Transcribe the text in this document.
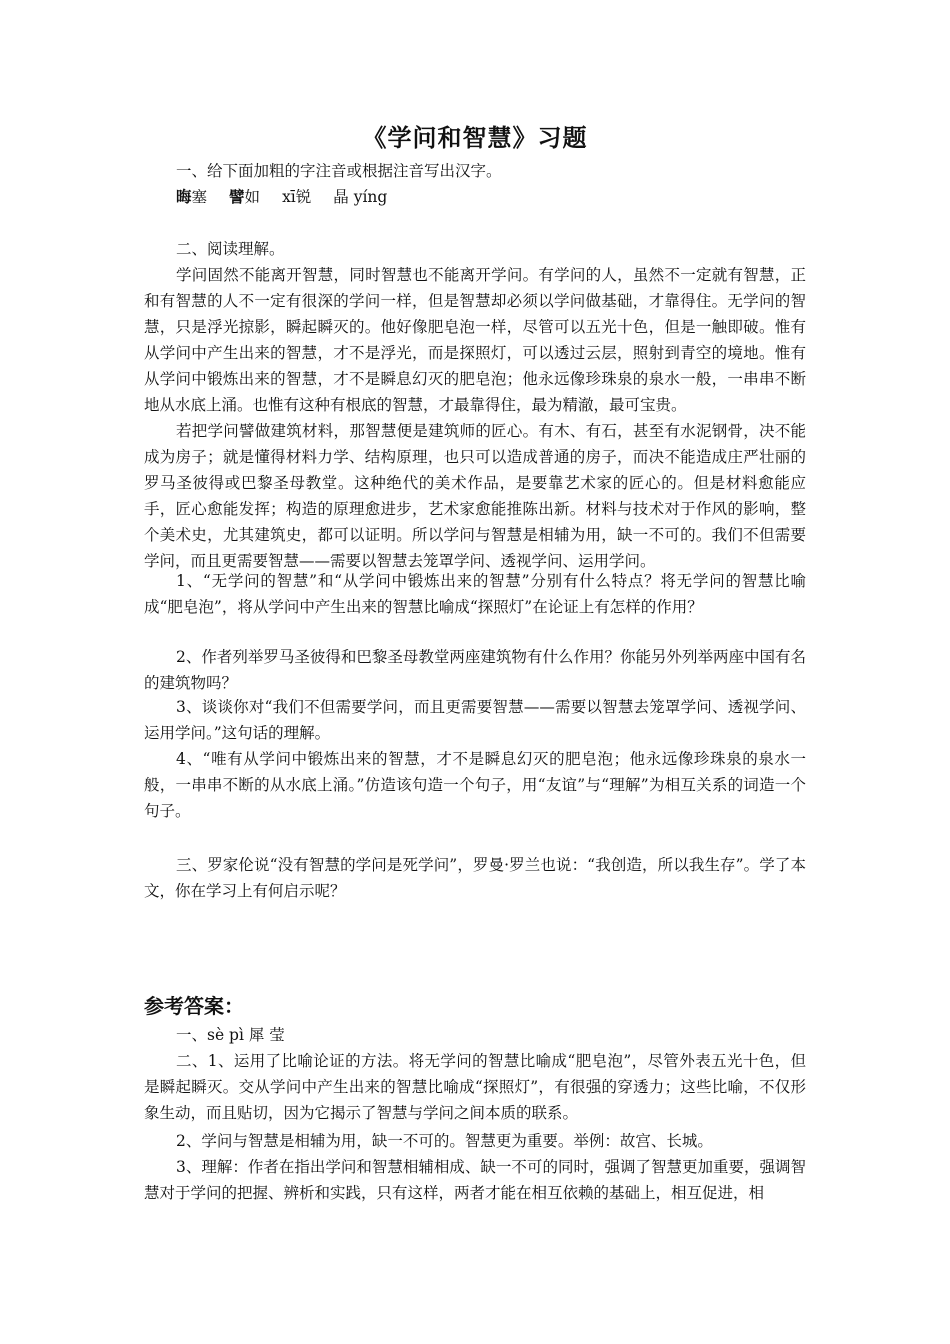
《学问和智慧》习题
一、给下面加粗的字注音或根据注音写出汉字。
晦塞 譬如 xī锐 晶 yíng
二、阅读理解。
学问固然不能离开智慧，同时智慧也不能离开学问。有学问的人，虽然不一定就有智慧，正和有智慧的人不一定有很深的学问一样，但是智慧却必须以学问做基础，才靠得住。无学问的智慧，只是浮光掠影，瞬起瞬灭的。他好像肥皂泡一样，尽管可以五光十色，但是一触即破。惟有从学问中产生出来的智慧，才不是浮光，而是探照灯，可以透过云层，照射到青空的境地。惟有从学问中锻炼出来的智慧，才不是瞬息幻灭的肥皂泡；他永远像珍珠泉的泉水一般，一串串不断地从水底上涌。也惟有这种有根底的智慧，才最靠得住，最为精澈，最可宝贵。
若把学问譬做建筑材料，那智慧便是建筑师的匠心。有木、有石，甚至有水泥钢骨，决不能成为房子；就是懂得材料力学、结构原理，也只可以造成普通的房子，而决不能造成庄严壮丽的罗马圣彼得或巴黎圣母教堂。这种绝代的美术作品，是要靠艺术家的匠心的。但是材料愈能应手，匠心愈能发挥；构造的原理愈进步，艺术家愈能推陈出新。材料与技术对于作风的影响，整个美术史，尤其建筑史，都可以证明。所以学问与智慧是相辅为用，缺一不可的。我们不但需要学问，而且更需要智慧——需要以智慧去笼罩学问、透视学问、运用学问。
1、“无学问的智慧”和“从学问中锻炼出来的智慧”分别有什么特点？将无学问的智慧比喻成“肥皂泡”，将从学问中产生出来的智慧比喻成“探照灯”在论证上有怎样的作用？
2、作者列举罗马圣彼得和巴黎圣母教堂两座建筑物有什么作用？你能另外列举两座中国有名的建筑物吗？
3、谈谈你对“我们不但需要学问，而且更需要智慧——需要以智慧去笼罩学问、透视学问、运用学问。”这句话的理解。
4、“唯有从学问中锻炼出来的智慧，才不是瞬息幻灭的肥皂泡；他永远像珍珠泉的泉水一般，一串串不断的从水底上涌。”仿造该句造一个句子，用“友谊”与“理解”为相互关系的词造一个句子。
三、罗家伦说“没有智慧的学问是死学问”，罗曼·罗兰也说：“我创造，所以我生存”。学了本文，你在学习上有何启示呢？
参考答案：
一、sè pì 犀 莹
二、1、运用了比喻论证的方法。将无学问的智慧比喻成“肥皂泡”，尽管外表五光十色，但是瞬起瞬灭。交从学问中产生出来的智慧比喻成“探照灯”，有很强的穿透力；这些比喻，不仅形象生动，而且贴切，因为它揭示了智慧与学问之间本质的联系。
2、学问与智慧是相辅为用，缺一不可的。智慧更为重要。举例：故宫、长城。
3、理解：作者在指出学问和智慧相辅相成、缺一不可的同时，强调了智慧更加重要，强调智慧对于学问的把握、辨析和实践，只有这样，两者才能在相互依赖的基础上，相互促进，相
